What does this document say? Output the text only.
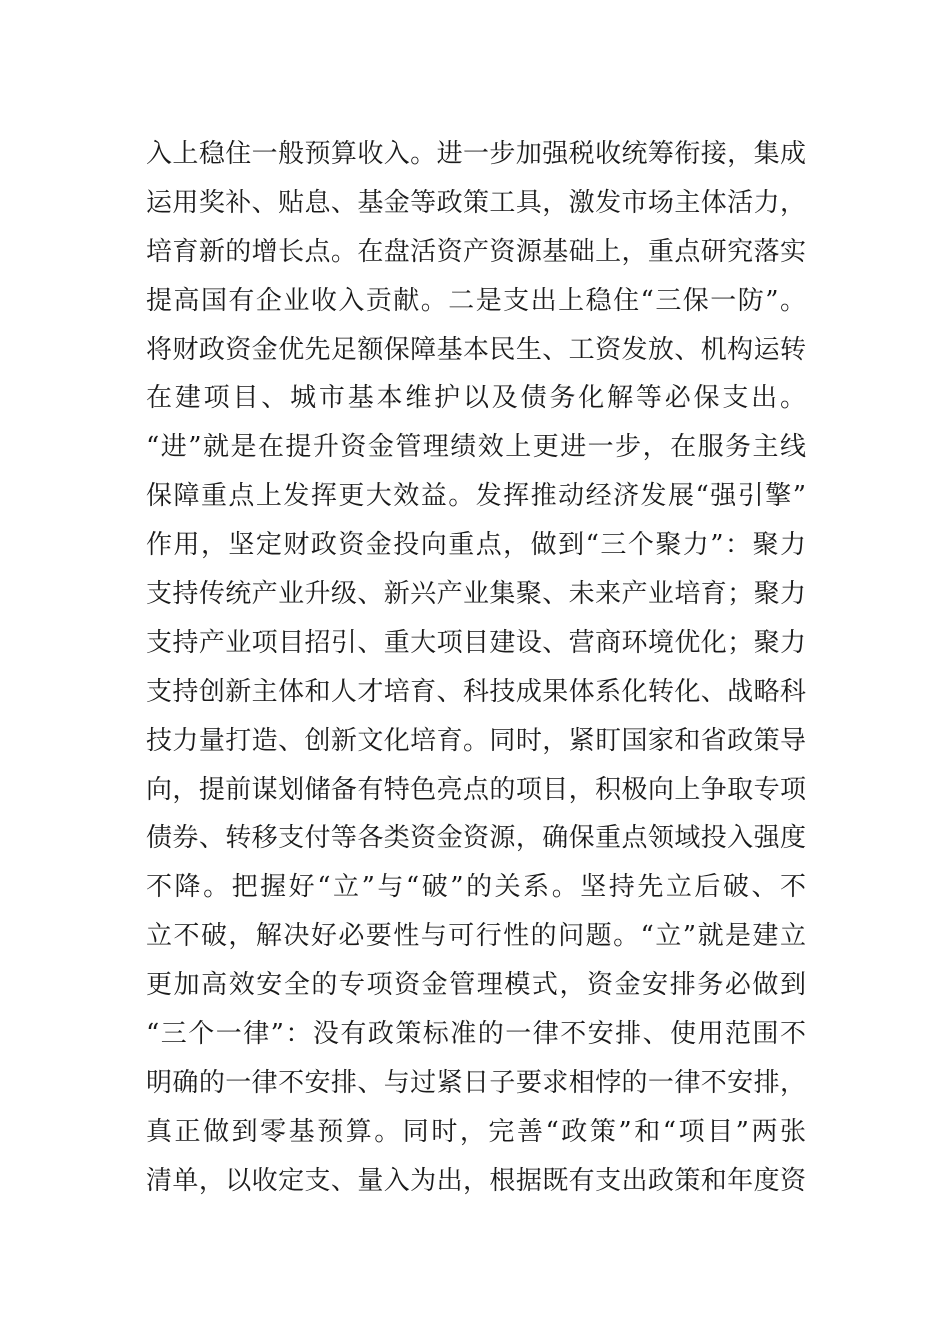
入上稳住一般预算收入。进一步加强税收统筹衔接，集成
运用奖补、贴息、基金等政策工具，激发市场主体活力，
培育新的增长点。在盘活资产资源基础上，重点研究落实
提高国有企业收入贡献。二是支出上稳住“三保一防”。
将财政资金优先足额保障基本民生、工资发放、机构运转
在建项目、城市基本维护以及债务化解等必保支出。
“进”就是在提升资金管理绩效上更进一步，在服务主线
保障重点上发挥更大效益。发挥推动经济发展“强引擎”
作用，坚定财政资金投向重点，做到“三个聚力”：聚力
支持传统产业升级、新兴产业集聚、未来产业培育；聚力
支持产业项目招引、重大项目建设、营商环境优化；聚力
支持创新主体和人才培育、科技成果体系化转化、战略科
技力量打造、创新文化培育。同时，紧盯国家和省政策导
向，提前谋划储备有特色亮点的项目，积极向上争取专项
债券、转移支付等各类资金资源，确保重点领域投入强度
不降。把握好“立”与“破”的关系。坚持先立后破、不
立不破，解决好必要性与可行性的问题。“立”就是建立
更加高效安全的专项资金管理模式，资金安排务必做到
“三个一律”：没有政策标准的一律不安排、使用范围不
明确的一律不安排、与过紧日子要求相悖的一律不安排，
真正做到零基预算。同时，完善“政策”和“项目”两张
清单，以收定支、量入为出，根据既有支出政策和年度资
